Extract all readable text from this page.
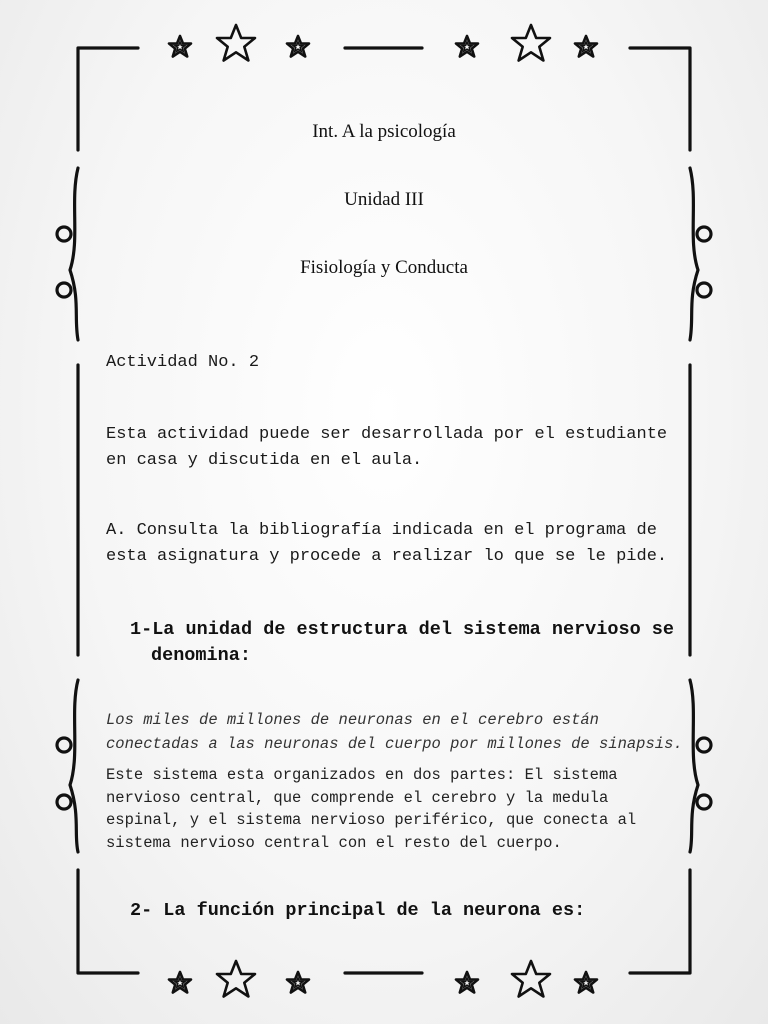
Int. A la psicología
Unidad III
Fisiología y Conducta
Actividad No. 2
Esta actividad puede ser desarrollada por el estudiante en casa y discutida en el aula.
A. Consulta la bibliografía indicada en el programa de esta asignatura y procede a realizar lo que se le pide.
1-La unidad de estructura del sistema nervioso se
denomina:
Los miles de millones de neuronas en el cerebro están conectadas a las neuronas del cuerpo por millones de sinapsis.
Este sistema esta organizados en dos partes: El sistema nervioso central, que comprende el cerebro y la medula espinal, y el sistema nervioso periférico, que conecta al sistema nervioso central con el resto del cuerpo.
2- La función principal de la neurona es:
